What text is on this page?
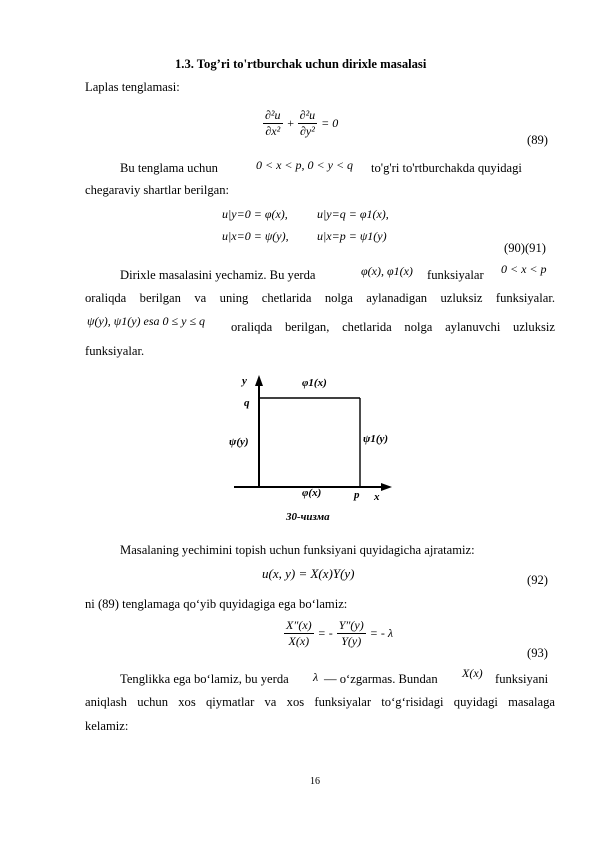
1.3. Tog’ri to'rtburchak uchun dirixle masalasi
Laplas tenglamasi:
$\frac{\text{∂²u}}{\text{∂x²}} + \frac{\text{∂²u}}{\text{∂y²}} = 0$
(89)
Bu tenglama uchun	0 < x < p, 0 < y < q to'g'ri to'rtburchakda quyidagi
chegaraviy shartlar berilgan:
u|y=0 = φ(x), u|y=q = φ1(x),
u|x=0 = ψ(y), u|x=p = ψ1(y)
(90)(91)
Dirixle masalasini yechamiz. Bu yerda	φ(x), φ1(x) funksiyalar 0 < x < p
oraliqda berilgan va uning chetlarida nolga aylanadigan uzluksiz funksiyalar.
ψ(y), ψ1(y) esa 0 ≤ y ≤ q oraliqda berilgan, chetlarida nolga aylanuvchi uzluksiz
funksiyalar.
y
q
φ1(x)
ψ(y)	ψ1(y)
φ(x)	p x
30-чизма
Masalaning yechimini topish uchun funksiyani quyidagicha ajratamiz:
u(x, y) = X(x)Y(y)	(92)
ni (89) tenglamaga qo‘yib quyidagiga ega bo‘lamiz:
$\frac{X''(x)}{X(x)}$ = - $\frac{Y''(y)}{Y(y)}$ = - λ
(93)
Tenglikka ega bo‘lamiz, bu yerda λ — o‘zgarmas. Bundan X(x) funksiyani
aniqlash uchun xos qiymatlar va xos funksiyalar to‘g‘risidagi quyidagi masalaga
kelamiz:
16
